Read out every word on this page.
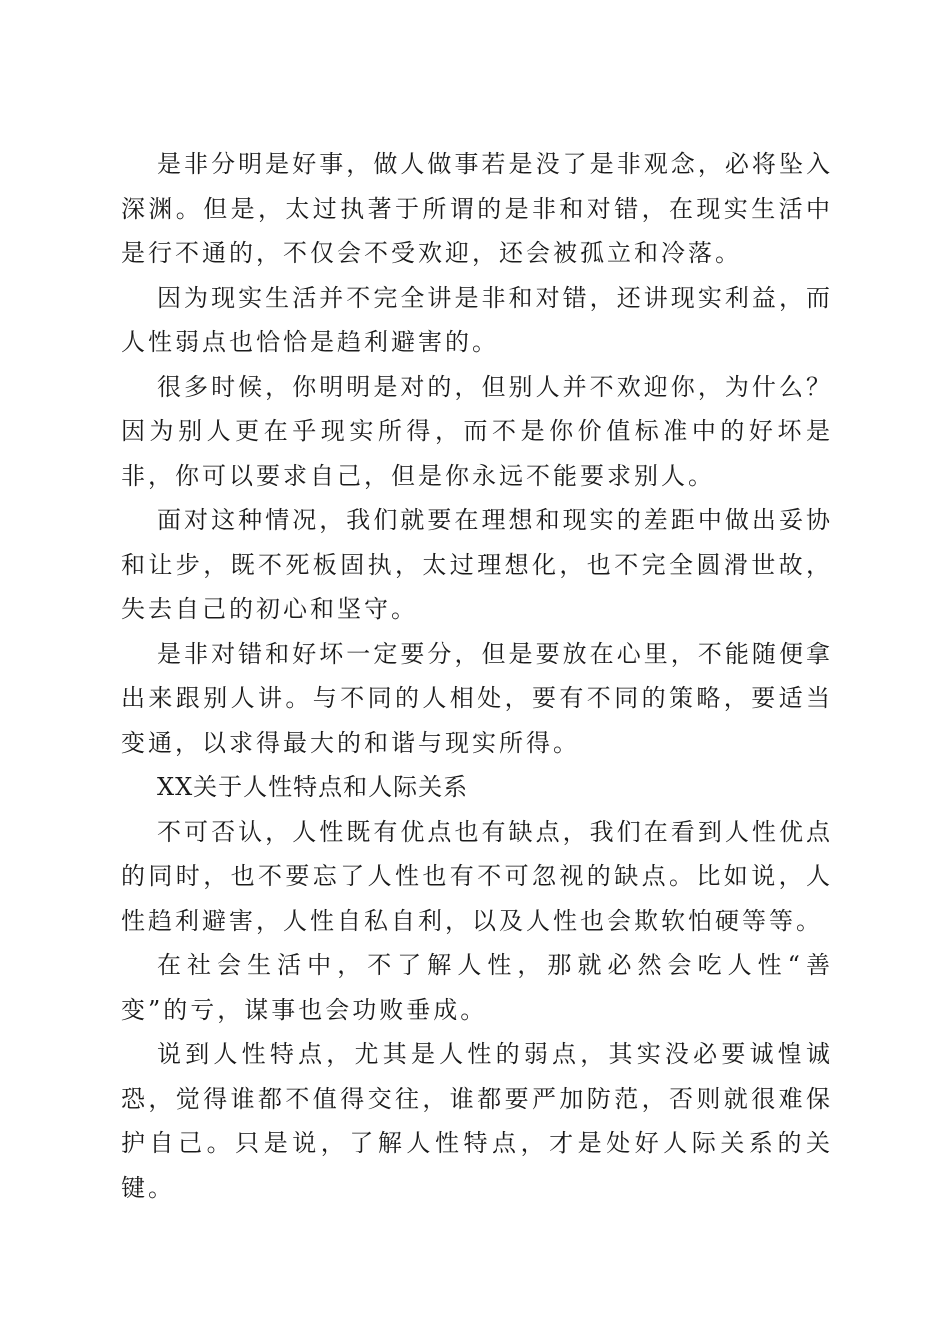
是非分明是好事，做人做事若是没了是非观念，必将坠入深渊。但是，太过执著于所谓的是非和对错，在现实生活中是行不通的，不仅会不受欢迎，还会被孤立和冷落。

因为现实生活并不完全讲是非和对错，还讲现实利益，而人性弱点也恰恰是趋利避害的。

很多时候，你明明是对的，但别人并不欢迎你，为什么？因为别人更在乎现实所得，而不是你价值标准中的好坏是非，你可以要求自己，但是你永远不能要求别人。

面对这种情况，我们就要在理想和现实的差距中做出妥协和让步，既不死板固执，太过理想化，也不完全圆滑世故，失去自己的初心和坚守。

是非对错和好坏一定要分，但是要放在心里，不能随便拿出来跟别人讲。与不同的人相处，要有不同的策略，要适当变通，以求得最大的和谐与现实所得。

XX关于人性特点和人际关系

不可否认，人性既有优点也有缺点，我们在看到人性优点的同时，也不要忘了人性也有不可忽视的缺点。比如说，人性趋利避害，人性自私自利，以及人性也会欺软怕硬等等。

在社会生活中，不了解人性，那就必然会吃人性“善变”的亏，谋事也会功败垂成。

说到人性特点，尤其是人性的弱点，其实没必要诚惶诚恐，觉得谁都不值得交往，谁都要严加防范，否则就很难保护自己。只是说，了解人性特点，才是处好人际关系的关键。
